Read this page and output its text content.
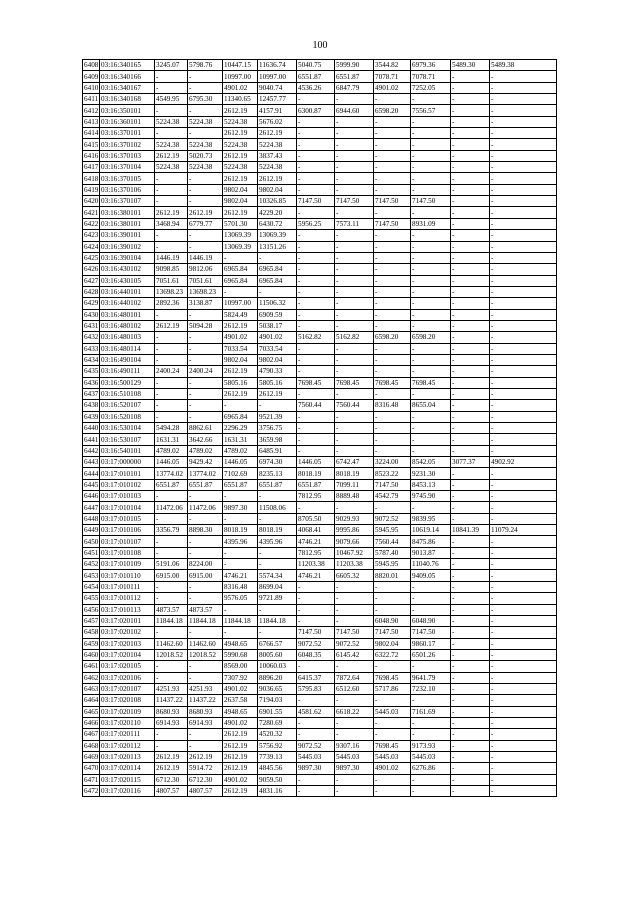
100
6408	03:16:340165	3245.07	5798.76	10447.15	11636.74	5040.75	5999.90	3544.82	6979.36	5489.30	5489.38
6409	03:16:340166	-	-	10997.00	10997.00	6551.87	6551.87	7078.71	7078.71	-	-
6410	03:16:340167	-	-	4901.02	9040.74	4536.26	6847.79	4901.02	7252.05	-	-
6411	03:16:340168	4549.95	6795.30	11340.65	12457.77	-	-	-	-	-	-
6412	03:16:350101	-	-	2612.19	4157.91	6300.87	6944.60	6598.20	7556.57	-	-
6413	03:16:360101	5224.38	5224.38	5224.38	5676.02	-	-	-	-	-	-
6414	03:16:370101	-	-	2612.19	2612.19	-	-	-	-	-	-
6415	03:16:370102	5224.38	5224.38	5224.38	5224.38	-	-	-	-	-	-
6416	03:16:370103	2612.19	5020.73	2612.19	3837.43	-	-	-	-	-	-
6417	03:16:370104	5224.38	5224.38	5224.38	5224.38	-	-	-	-	-	-
6418	03:16:370105	-	-	2612.19	2612.19	-	-	-	-	-	-
6419	03:16:370106	-	-	9802.04	9802.04	-	-	-	-	-	-
6420	03:16:370107	-	-	9802.04	10326.85	7147.50	7147.50	7147.50	7147.50	-	-
6421	03:16:380101	2612.19	2612.19	2612.19	4229.20	-	-	-	-	-	-
6422	03:16:380101	3468.94	6779.77	5701.30	6430.72	5956.25	7573.11	7147.50	8931.09	-	-
6423	03:16:390101	-	-	13069.39	13069.39	-	-	-	-	-	-
6424	03:16:390102	-	-	13069.39	13151.26	-	-	-	-	-	-
6425	03:16:390104	1446.19	1446.19	-	-	-	-	-	-	-	-
6426	03:16:430102	9098.85	9812.06	6965.84	6965.84	-	-	-	-	-	-
6427	03:16:430105	7051.61	7051.61	6965.84	6965.84	-	-	-	-	-	-
6428	03:16:440101	13698.23	13698.23	-	-	-	-	-	-	-	-
6429	03:16:440102	2892.36	3138.87	10997.00	11506.32	-	-	-	-	-	-
6430	03:16:480101	-	-	5824.49	6909.59	-	-	-	-	-	-
6431	03:16:480102	2612.19	5094.28	2612.19	5038.17	-	-	-	-	-	-
6432	03:16:480103	-	-	4901.02	4901.02	5162.82	5162.82	6598.20	6598.20	-	-
6433	03:16:480114	-	-	7033.54	7033.54	-	-	-	-	-	-
6434	03:16:490104	-	-	9802.04	9802.04	-	-	-	-	-	-
6435	03:16:490111	2400.24	2400.24	2612.19	4790.33	-	-	-	-	-	-
6436	03:16:500129	-	-	5805.16	5805.16	7698.45	7698.45	7698.45	7698.45	-	-
6437	03:16:510108	-	-	2612.19	2612.19	-	-	-	-	-	-
6438	03:16:520107	-	-	-	-	7560.44	7560.44	8316.48	8655.04	-	-
6439	03:16:520108	-	-	6965.84	9521.39	-	-	-	-	-	-
6440	03:16:530104	5494.28	8862.61	2296.29	3756.75	-	-	-	-	-	-
6441	03:16:530107	1631.31	3642.66	1631.31	3659.98	-	-	-	-	-	-
6442	03:16:540101	4789.02	4789.02	4789.02	6485.91	-	-	-	-	-	-
6443	03:17:000000	1446.05	9429.42	1446.05	6974.30	1446.05	6742.47	3224.00	8542.05	3077.37	4902.92
6444	03:17:010101	13774.02	13774.02	7102.69	8235.13	8018.19	8018.19	8523.22	9231.30	-	-
6445	03:17:010102	6551.87	6551.87	6551.87	6551.87	6551.87	7099.11	7147.50	8453.13	-	-
6446	03:17:010103	-	-	-	-	7812.95	8889.48	4542.79	9745.90	-	-
6447	03:17:010104	11472.06	11472.06	9897.30	11508.06	-	-	-	-	-	-
6448	03:17:010105	-	-	-	-	8705.50	9029.93	9072.52	9839.95	-	-
6449	03:17:010106	3356.79	8898.30	8018.19	8018.19	4068.41	9995.86	5945.95	10619.14	10841.39	11079.24
6450	03:17:010107	-	-	4395.96	4395.96	4746.21	9079.66	7560.44	8475.86	-	-
6451	03:17:010108	-	-	-	-	7812.95	10467.92	5787.40	9013.87	-	-
6452	03:17:010109	5191.06	8224.00	-	-	11203.38	11203.38	5945.95	11040.76	-	-
6453	03:17:010110	6915.00	6915.00	4746.21	5574.34	4746.21	6605.32	8820.01	9409.05	-	-
6454	03:17:010111	-	-	8316.48	8699.04	-	-	-	-	-	-
6455	03:17:010112	-	-	9576.05	9721.89	-	-	-	-	-	-
6456	03:17:010113	4873.57	4873.57	-	-	-	-	-	-	-	-
6457	03:17:020101	11844.18	11844.18	11844.18	11844.18	-	-	6048.90	6048.90	-	-
6458	03:17:020102	-	-	-	-	7147.50	7147.50	7147.50	7147.50	-	-
6459	03:17:020103	11462.60	11462.60	4948.65	6766.57	9072.52	9072.52	9802.04	9860.17	-	-
6460	03:17:020104	12018.52	12018.52	5990.68	8005.60	6048.35	6145.42	6322.72	6501.26	-	-
6461	03:17:020105	-	-	8569.00	10060.03	-	-	-	-	-	-
6462	03:17:020106	-	-	7307.92	8896.20	6415.37	7872.64	7698.45	9641.79	-	-
6463	03:17:020107	4251.93	4251.93	4901.02	9036.65	5795.83	6512.60	5717.86	7232.10	-	-
6464	03:17:020108	11437.22	11437.22	2637.58	7194.03	-	-	-	-	-	-
6465	03:17:020109	8680.93	8680.93	4948.65	6901.55	4581.62	6618.22	5445.03	7161.69	-	-
6466	03:17:020110	6914.93	6914.93	4901.02	7280.69	-	-	-	-	-	-
6467	03:17:020111	-	-	2612.19	4520.32	-	-	-	-	-	-
6468	03:17:020112	-	-	2612.19	5756.92	9072.52	9307.16	7698.45	9173.93	-	-
6469	03:17:020113	2612.19	2612.19	2612.19	7739.13	5445.03	5445.03	5445.03	5445.03	-	-
6470	03:17:020114	2612.19	5914.72	2612.19	4845.56	9897.30	9897.30	4901.02	6276.86	-	-
6471	03:17:020115	6712.30	6712.30	4901.02	9059.50	-	-	-	-	-	-
6472	03:17:020116	4807.57	4807.57	2612.19	4831.16	-	-	-	-	-	-
